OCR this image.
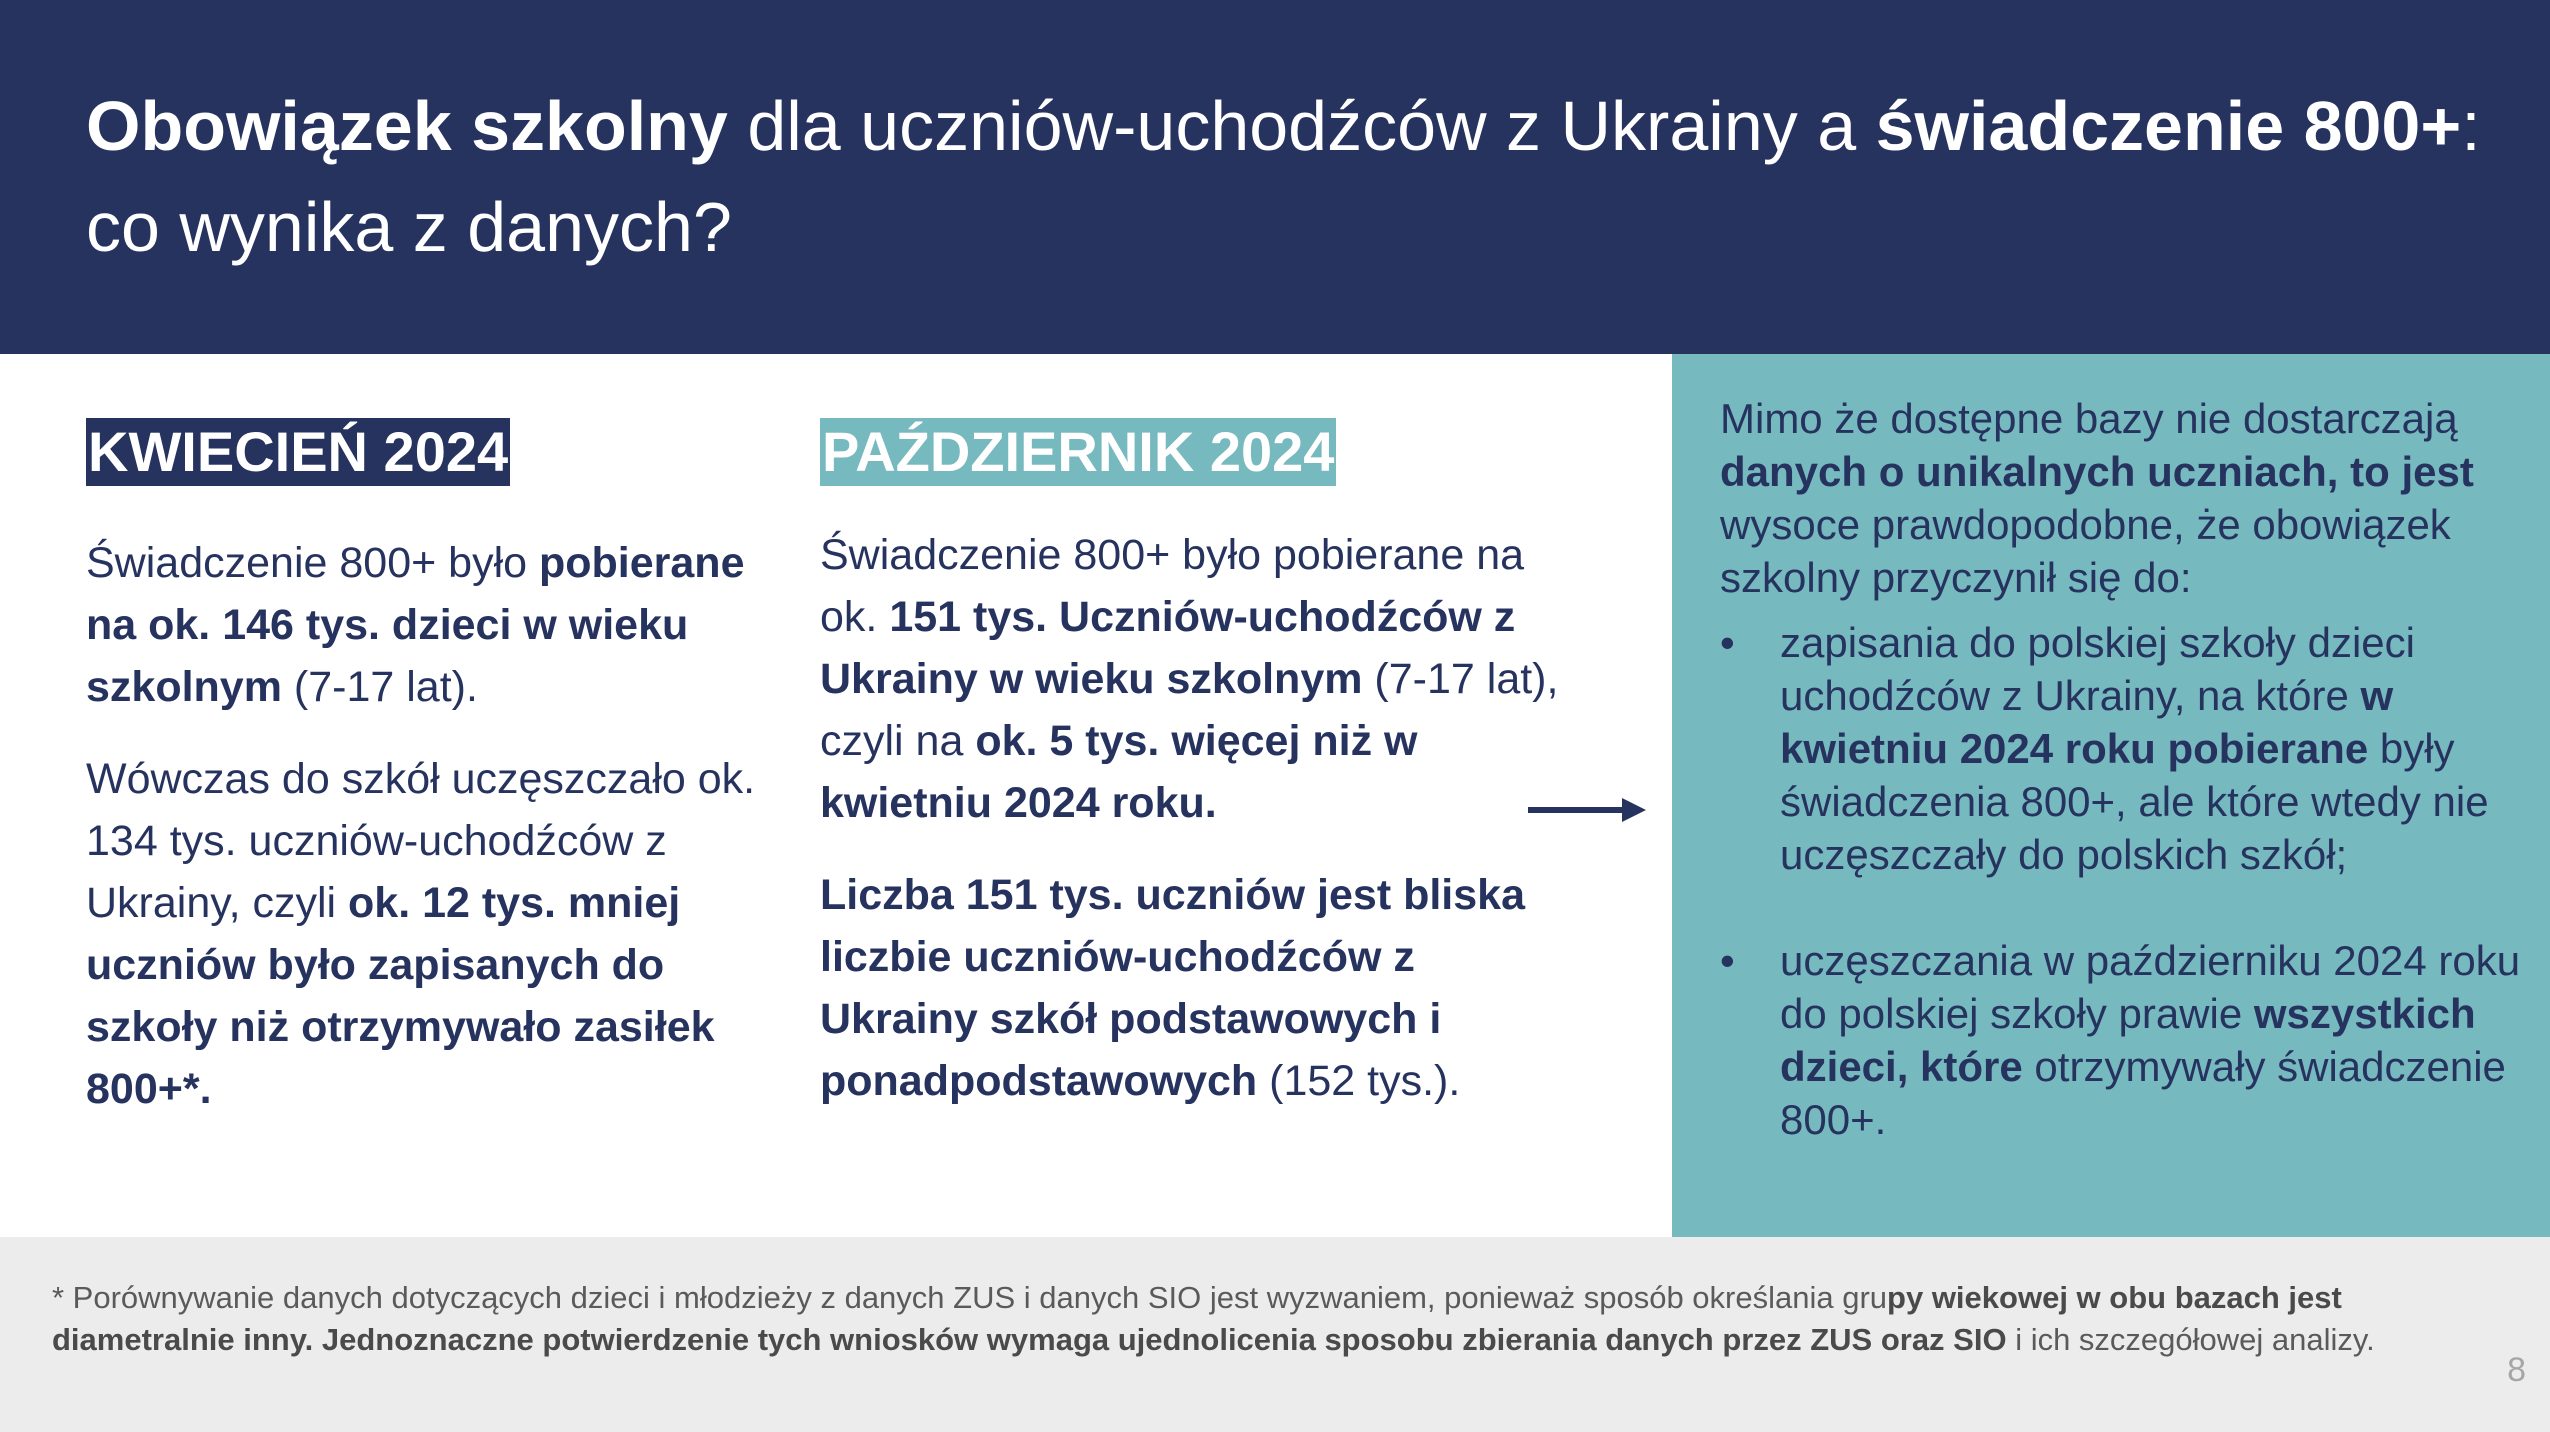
Obowiązek szkolny dla uczniów-uchodźców z Ukrainy a świadczenie 800+: co wynika z danych?
KWIECIEŃ 2024

Świadczenie 800+ było pobierane na ok. 146 tys. dzieci w wieku szkolnym (7-17 lat).

Wówczas do szkół uczęszczało ok. 134 tys. uczniów-uchodźców z Ukrainy, czyli ok. 12 tys. mniej uczniów było zapisanych do szkoły niż otrzymywało zasiłek 800+*.

PAŹDZIERNIK 2024

Świadczenie 800+ było pobierane na ok. 151 tys. Uczniów-uchodźców z Ukrainy w wieku szkolnym (7-17 lat), czyli na ok. 5 tys. więcej niż w kwietniu 2024 roku.

Liczba 151 tys. uczniów jest bliska liczbie uczniów-uchodźców z Ukrainy szkół podstawowych i ponadpodstawowych (152 tys.).

Mimo że dostępne bazy nie dostarczają danych o unikalnych uczniach, to jest wysoce prawdopodobne, że obowiązek szkolny przyczynił się do:

• zapisania do polskiej szkoły dzieci uchodźców z Ukrainy, na które w kwietniu 2024 roku pobierane były świadczenia 800+, ale które wtedy nie uczęszczały do polskich szkół;
• uczęszczania w październiku 2024 roku do polskiej szkoły prawie wszystkich dzieci, które otrzymywały świadczenie 800+.

* Porównywanie danych dotyczących dzieci i młodzieży z danych ZUS i danych SIO jest wyzwaniem, ponieważ sposób określania grupy wiekowej w obu bazach jest diametralnie inny. Jednoznaczne potwierdzenie tych wniosków wymaga ujednolicenia sposobu zbierania danych przez ZUS oraz SIO i ich szczegółowej analizy.

8
